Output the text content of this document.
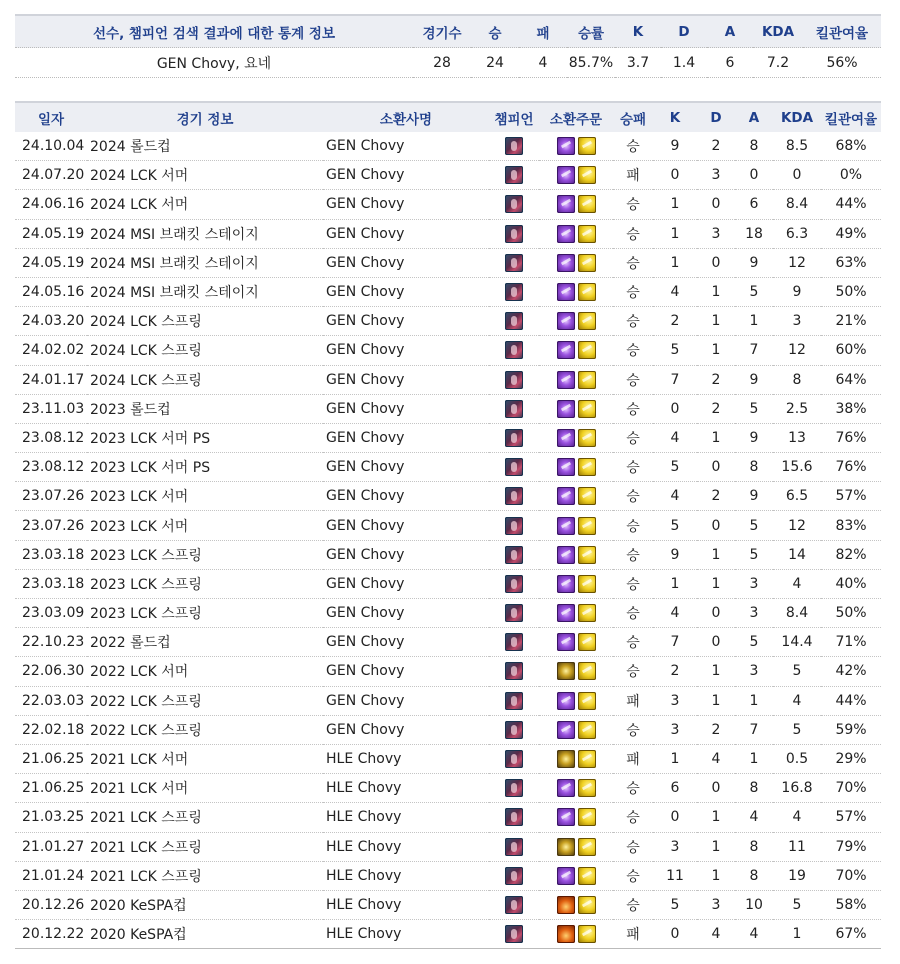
선수, 챔피언 검색 결과에 대한 통계 정보	경기수	승	패	승률	K	D	A	KDA	킬관여율
GEN Chovy, 요네	28	24	4	85.7%	3.7	1.4	6	7.2	56%
일자	경기 정보	소환사명	챔피언	소환주문	승패	K	D	A	KDA	킬관여율
24.10.04	2024 롤드컵	GEN Chovy			승	9	2	8	8.5	68%
24.07.20	2024 LCK 서머	GEN Chovy			패	0	3	0	0	0%
24.06.16	2024 LCK 서머	GEN Chovy			승	1	0	6	8.4	44%
24.05.19	2024 MSI 브래킷 스테이지	GEN Chovy			승	1	3	18	6.3	49%
24.05.19	2024 MSI 브래킷 스테이지	GEN Chovy			승	1	0	9	12	63%
24.05.16	2024 MSI 브래킷 스테이지	GEN Chovy			승	4	1	5	9	50%
24.03.20	2024 LCK 스프링	GEN Chovy			승	2	1	1	3	21%
24.02.02	2024 LCK 스프링	GEN Chovy			승	5	1	7	12	60%
24.01.17	2024 LCK 스프링	GEN Chovy			승	7	2	9	8	64%
23.11.03	2023 롤드컵	GEN Chovy			승	0	2	5	2.5	38%
23.08.12	2023 LCK 서머 PS	GEN Chovy			승	4	1	9	13	76%
23.08.12	2023 LCK 서머 PS	GEN Chovy			승	5	0	8	15.6	76%
23.07.26	2023 LCK 서머	GEN Chovy			승	4	2	9	6.5	57%
23.07.26	2023 LCK 서머	GEN Chovy			승	5	0	5	12	83%
23.03.18	2023 LCK 스프링	GEN Chovy			승	9	1	5	14	82%
23.03.18	2023 LCK 스프링	GEN Chovy			승	1	1	3	4	40%
23.03.09	2023 LCK 스프링	GEN Chovy			승	4	0	3	8.4	50%
22.10.23	2022 롤드컵	GEN Chovy			승	7	0	5	14.4	71%
22.06.30	2022 LCK 서머	GEN Chovy			승	2	1	3	5	42%
22.03.03	2022 LCK 스프링	GEN Chovy			패	3	1	1	4	44%
22.02.18	2022 LCK 스프링	GEN Chovy			승	3	2	7	5	59%
21.06.25	2021 LCK 서머	HLE Chovy			패	1	4	1	0.5	29%
21.06.25	2021 LCK 서머	HLE Chovy			승	6	0	8	16.8	70%
21.03.25	2021 LCK 스프링	HLE Chovy			승	0	1	4	4	57%
21.01.27	2021 LCK 스프링	HLE Chovy			승	3	1	8	11	79%
21.01.24	2021 LCK 스프링	HLE Chovy			승	11	1	8	19	70%
20.12.26	2020 KeSPA컵	HLE Chovy			승	5	3	10	5	58%
20.12.22	2020 KeSPA컵	HLE Chovy			패	0	4	4	1	67%
